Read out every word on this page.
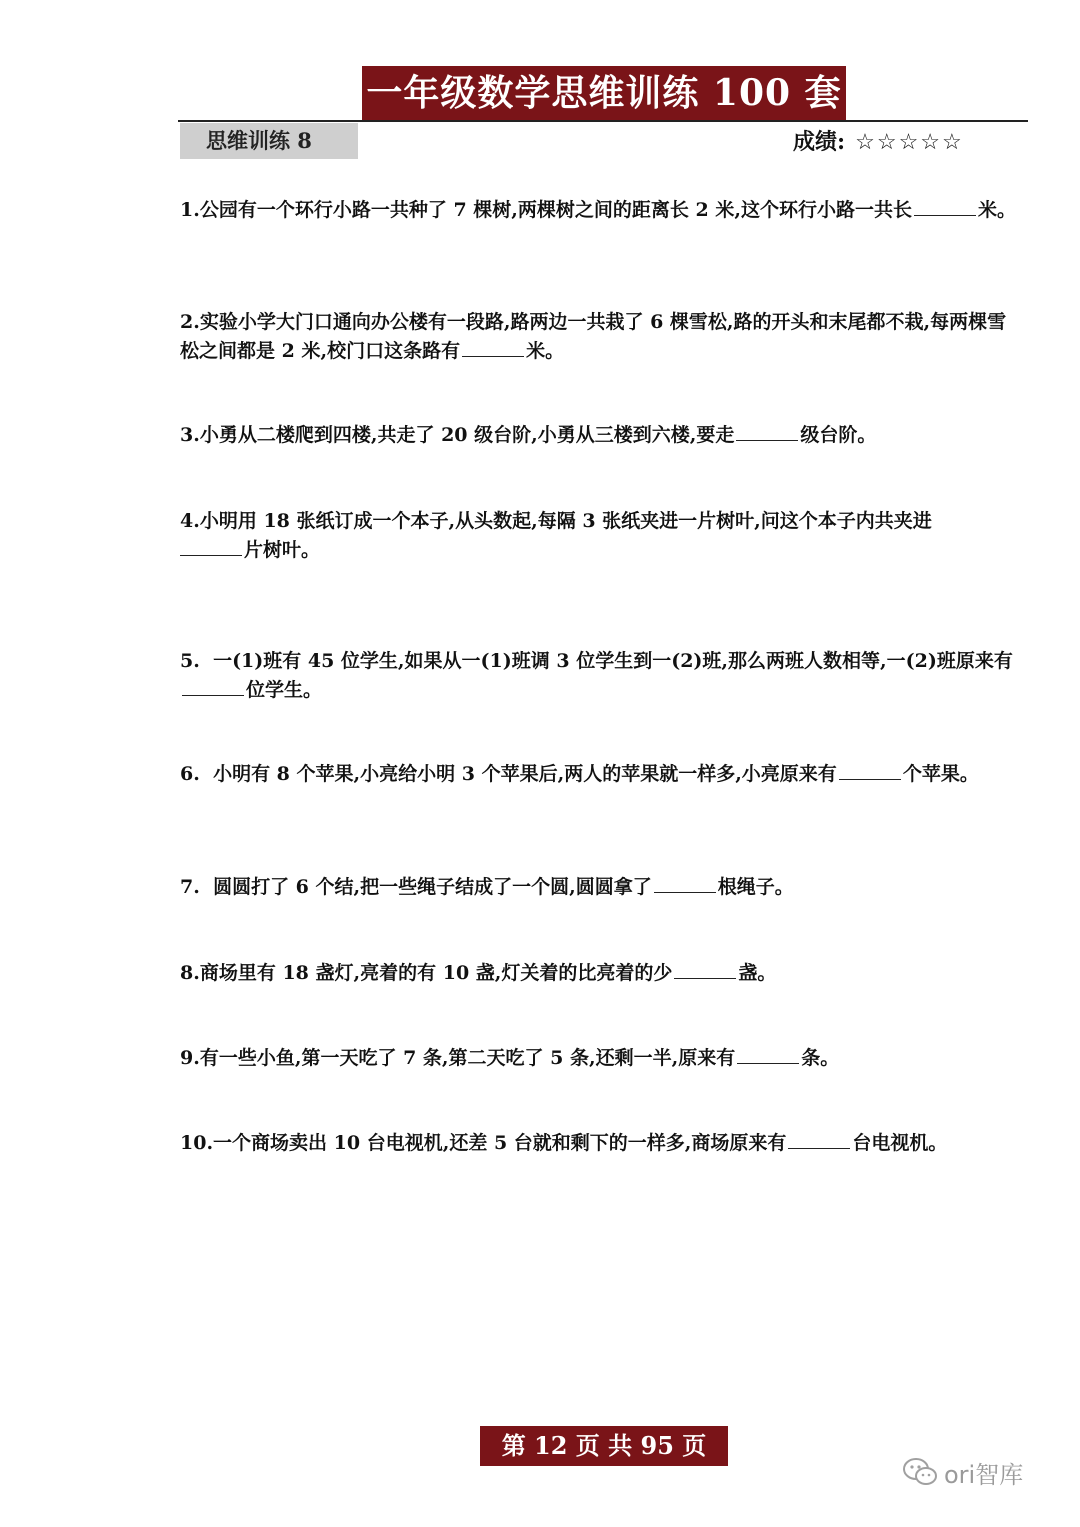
一年级数学思维训练 100 套
思维训练 8	成绩: ☆☆☆☆☆
1.公园有一个环行小路一共种了 7 棵树,两棵树之间的距离长 2 米,这个环行小路一共长	米。
2.实验小学大门口通向办公楼有一段路,路两边一共栽了 6 棵雪松,路的开头和末尾都不栽,每两棵雪松之间都是 2 米,校门口这条路有	米。
3.小勇从二楼爬到四楼,共走了 20 级台阶,小勇从三楼到六楼,要走	级台阶。
4.小明用 18 张纸订成一个本子,从头数起,每隔 3 张纸夹进一片树叶,问这个本子内共夹进
片树叶。
5.  一(1)班有 45 位学生,如果从一(1)班调 3 位学生到一(2)班,那么两班人数相等,一(2)班原来有位学生。
6.  小明有 8 个苹果,小亮给小明 3 个苹果后,两人的苹果就一样多,小亮原来有	个苹果。
7.  圆圆打了 6 个结,把一些绳子结成了一个圆,圆圆拿了	根绳子。
8.商场里有 18 盏灯,亮着的有 10 盏,灯关着的比亮着的少	盏。
9.有一些小鱼,第一天吃了 7 条,第二天吃了 5 条,还剩一半,原来有	条。
10.一个商场卖出 10 台电视机,还差 5 台就和剩下的一样多,商场原来有	台电视机。
第 12 页 共 95 页
ori智库
